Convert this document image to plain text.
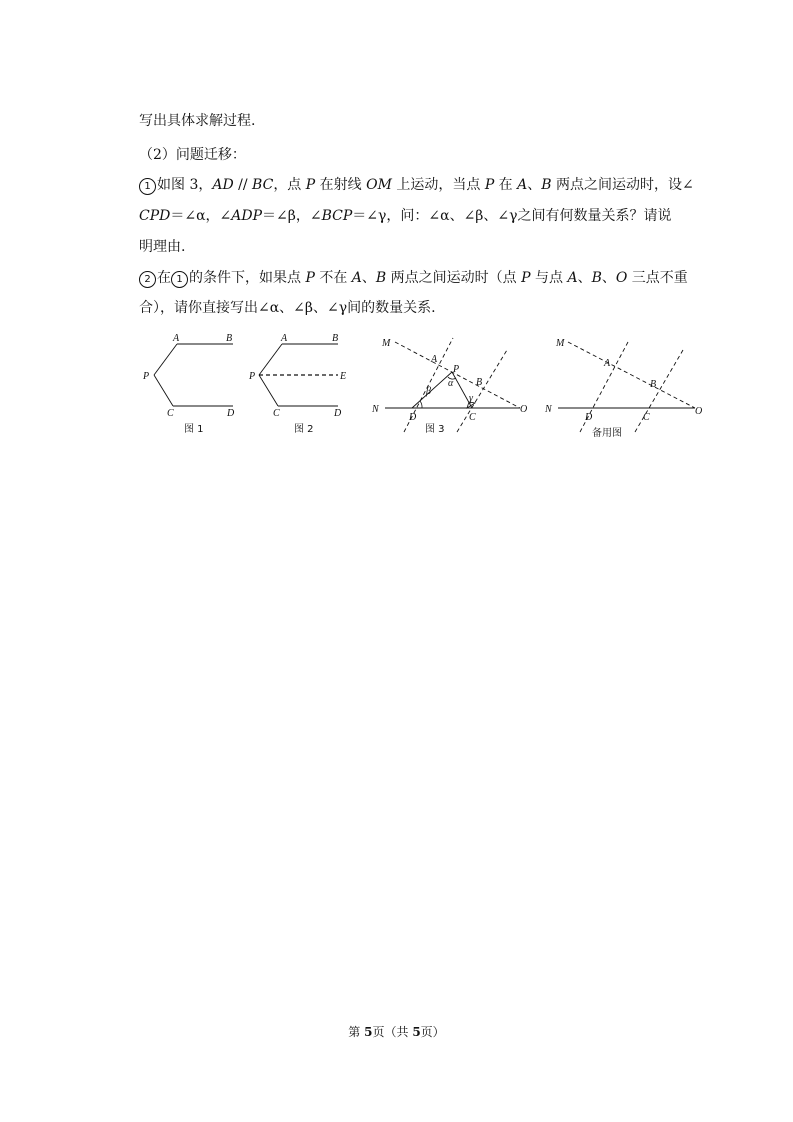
写出具体求解过程.
（2）问题迁移：
1 如图 3，AD // BC，点 P 在射线 OM 上运动，当点 P 在 A、B 两点之间运动时，设∠
CPD＝∠α，∠ADP＝∠β，∠BCP＝∠γ，问：∠α、∠β、∠γ之间有何数量关系？请说
明理由.
2 在 1 的条件下，如果点 P 不在 A、B 两点之间运动时（点 P 与点 A、B、O 三点不重
合），请你直接写出∠α、∠β、∠γ间的数量关系.
A	B
P
C	D
图 1
A	B
P	E
C	D
图 2
M
A
P
B
N
D	C
O
α
β
γ
图 3
M
A
B
N
D	C
O
备用图
第 5页（共 5页）
